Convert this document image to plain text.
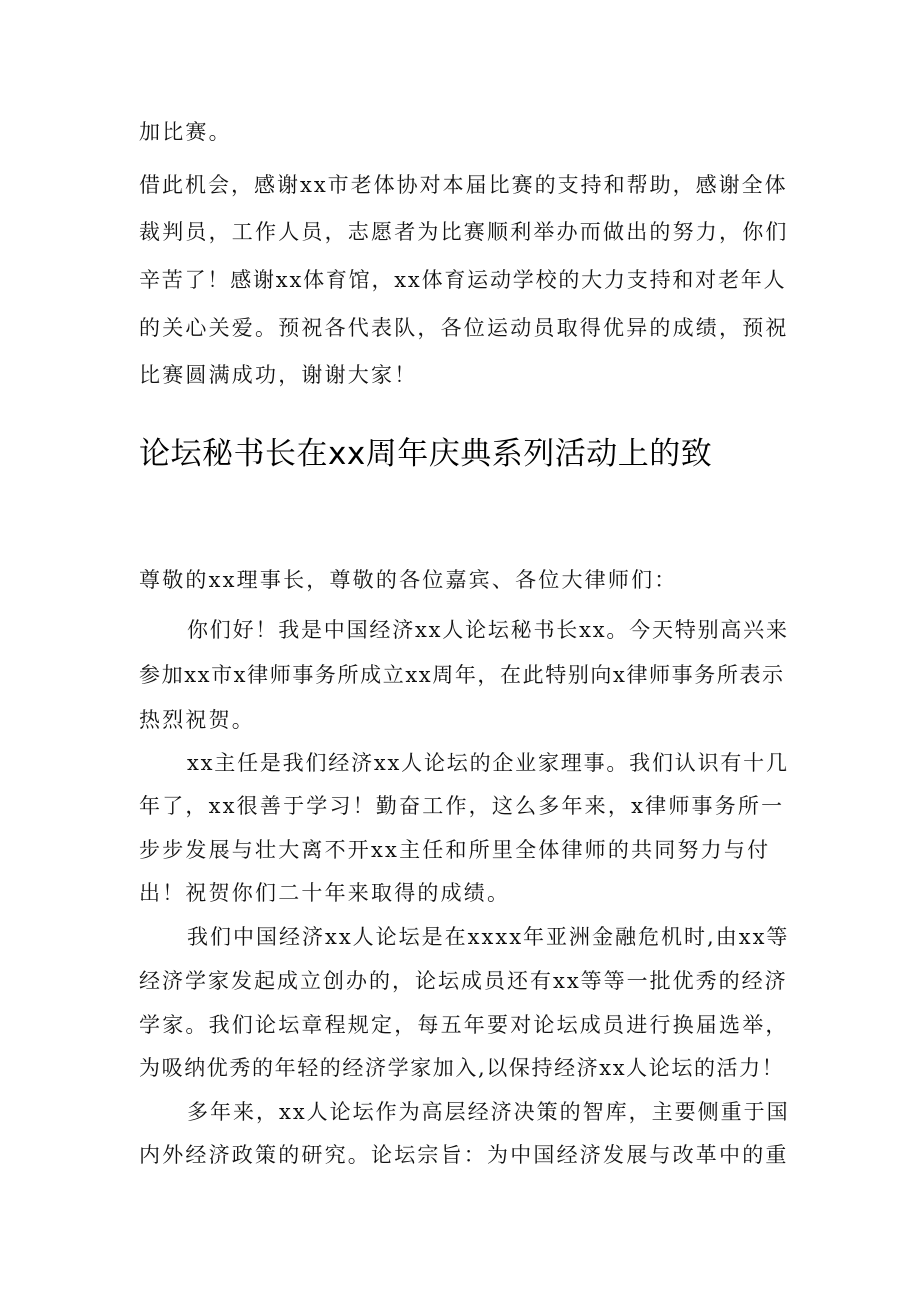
加比赛。
借此机会，感谢xx市老体协对本届比赛的支持和帮助，感谢全体
裁判员，工作人员，志愿者为比赛顺利举办而做出的努力，你们
辛苦了！感谢xx体育馆，xx体育运动学校的大力支持和对老年人
的关心关爱。预祝各代表队，各位运动员取得优异的成绩，预祝
比赛圆满成功，谢谢大家！
论坛秘书长在xx周年庆典系列活动上的致
尊敬的xx理事长，尊敬的各位嘉宾、各位大律师们：
你们好！我是中国经济xx人论坛秘书长xx。今天特别高兴来
参加xx市x律师事务所成立xx周年，在此特别向x律师事务所表示
热烈祝贺。
xx主任是我们经济xx人论坛的企业家理事。我们认识有十几
年了，xx很善于学习！勤奋工作，这么多年来，x律师事务所一
步步发展与壮大离不开xx主任和所里全体律师的共同努力与付
出！祝贺你们二十年来取得的成绩。
我们中国经济xx人论坛是在xxxx年亚洲金融危机时,由xx等
经济学家发起成立创办的，论坛成员还有xx等等一批优秀的经济
学家。我们论坛章程规定，每五年要对论坛成员进行换届选举，
为吸纳优秀的年轻的经济学家加入,以保持经济xx人论坛的活力！
多年来，xx人论坛作为高层经济决策的智库，主要侧重于国
内外经济政策的研究。论坛宗旨：为中国经济发展与改革中的重
